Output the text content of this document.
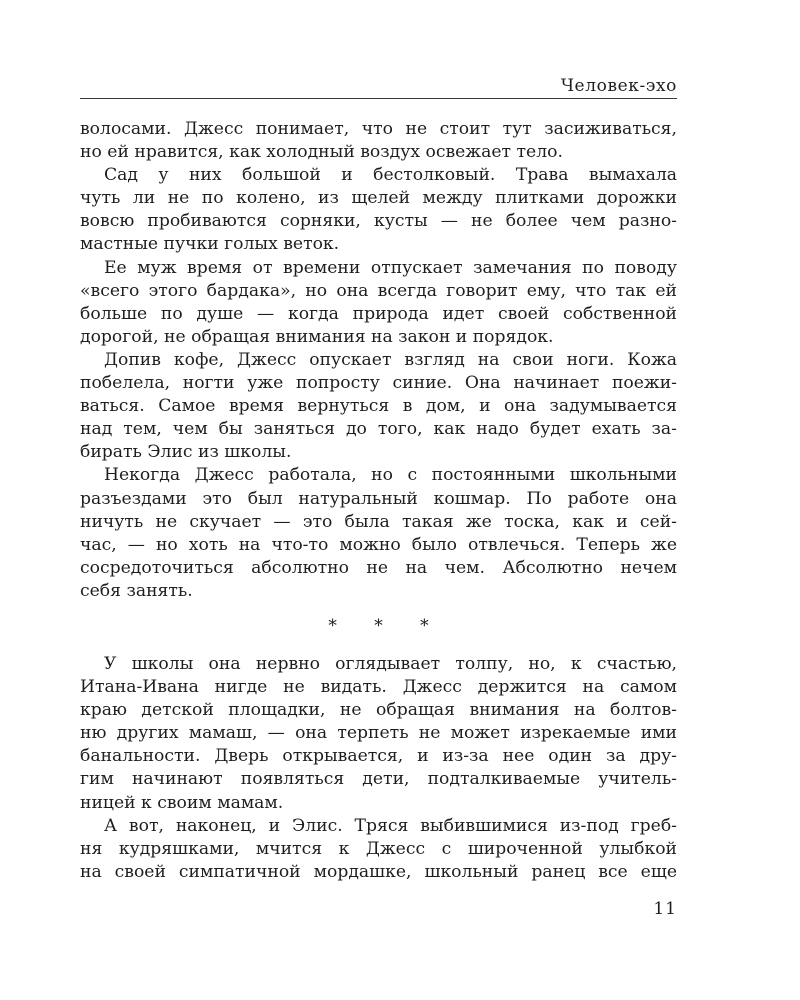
Человек-эхо

волосами. Джесс понимает, что не стоит тут засиживаться,
но ей нравится, как холодный воздух освежает тело.

Сад у них большой и бестолковый. Трава вымахала
чуть ли не по колено, из щелей между плитками дорожки
вовсю пробиваются сорняки, кусты — не более чем разно-
мастные пучки голых веток.

Ее муж время от времени отпускает замечания по поводу
«всего этого бардака», но она всегда говорит ему, что так ей
больше по душе — когда природа идет своей собственной
дорогой, не обращая внимания на закон и порядок.

Допив кофе, Джесс опускает взгляд на свои ноги. Кожа
побелела, ногти уже попросту синие. Она начинает поежи-
ваться. Самое время вернуться в дом, и она задумывается
над тем, чем бы заняться до того, как надо будет ехать за-
бирать Элис из школы.

Некогда Джесс работала, но с постоянными школьными
разъездами это был натуральный кошмар. По работе она
ничуть не скучает — это была такая же тоска, как и сей-
час, — но хоть на что-то можно было отвлечься. Теперь же
сосредоточиться абсолютно не на чем. Абсолютно нечем
себя занять.

* * *

У школы она нервно оглядывает толпу, но, к счастью,
Итана-Ивана нигде не видать. Джесс держится на самом
краю детской площадки, не обращая внимания на болтов-
ню других мамаш, — она терпеть не может изрекаемые ими
банальности. Дверь открывается, и из-за нее один за дру-
гим начинают появляться дети, подталкиваемые учитель-
ницей к своим мамам.

А вот, наконец, и Элис. Тряся выбившимися из-под греб-
ня кудряшками, мчится к Джесс с широченной улыбкой
на своей симпатичной мордашке, школьный ранец все еще

11
